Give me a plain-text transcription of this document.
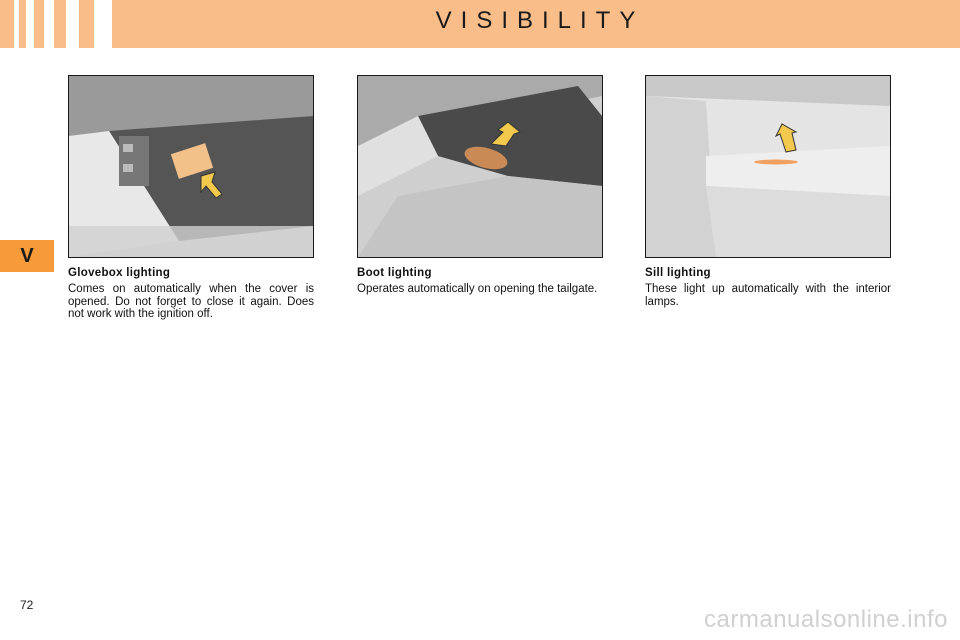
VISIBILITY
V
Glovebox lighting

Comes on automatically when the cover is opened. Do not forget to close it again. Does not work with the ignition off.

Boot lighting

Operates automatically on opening the tailgate.

Sill lighting

These light up automatically with the interior lamps.

72
carmanualsonline.info
